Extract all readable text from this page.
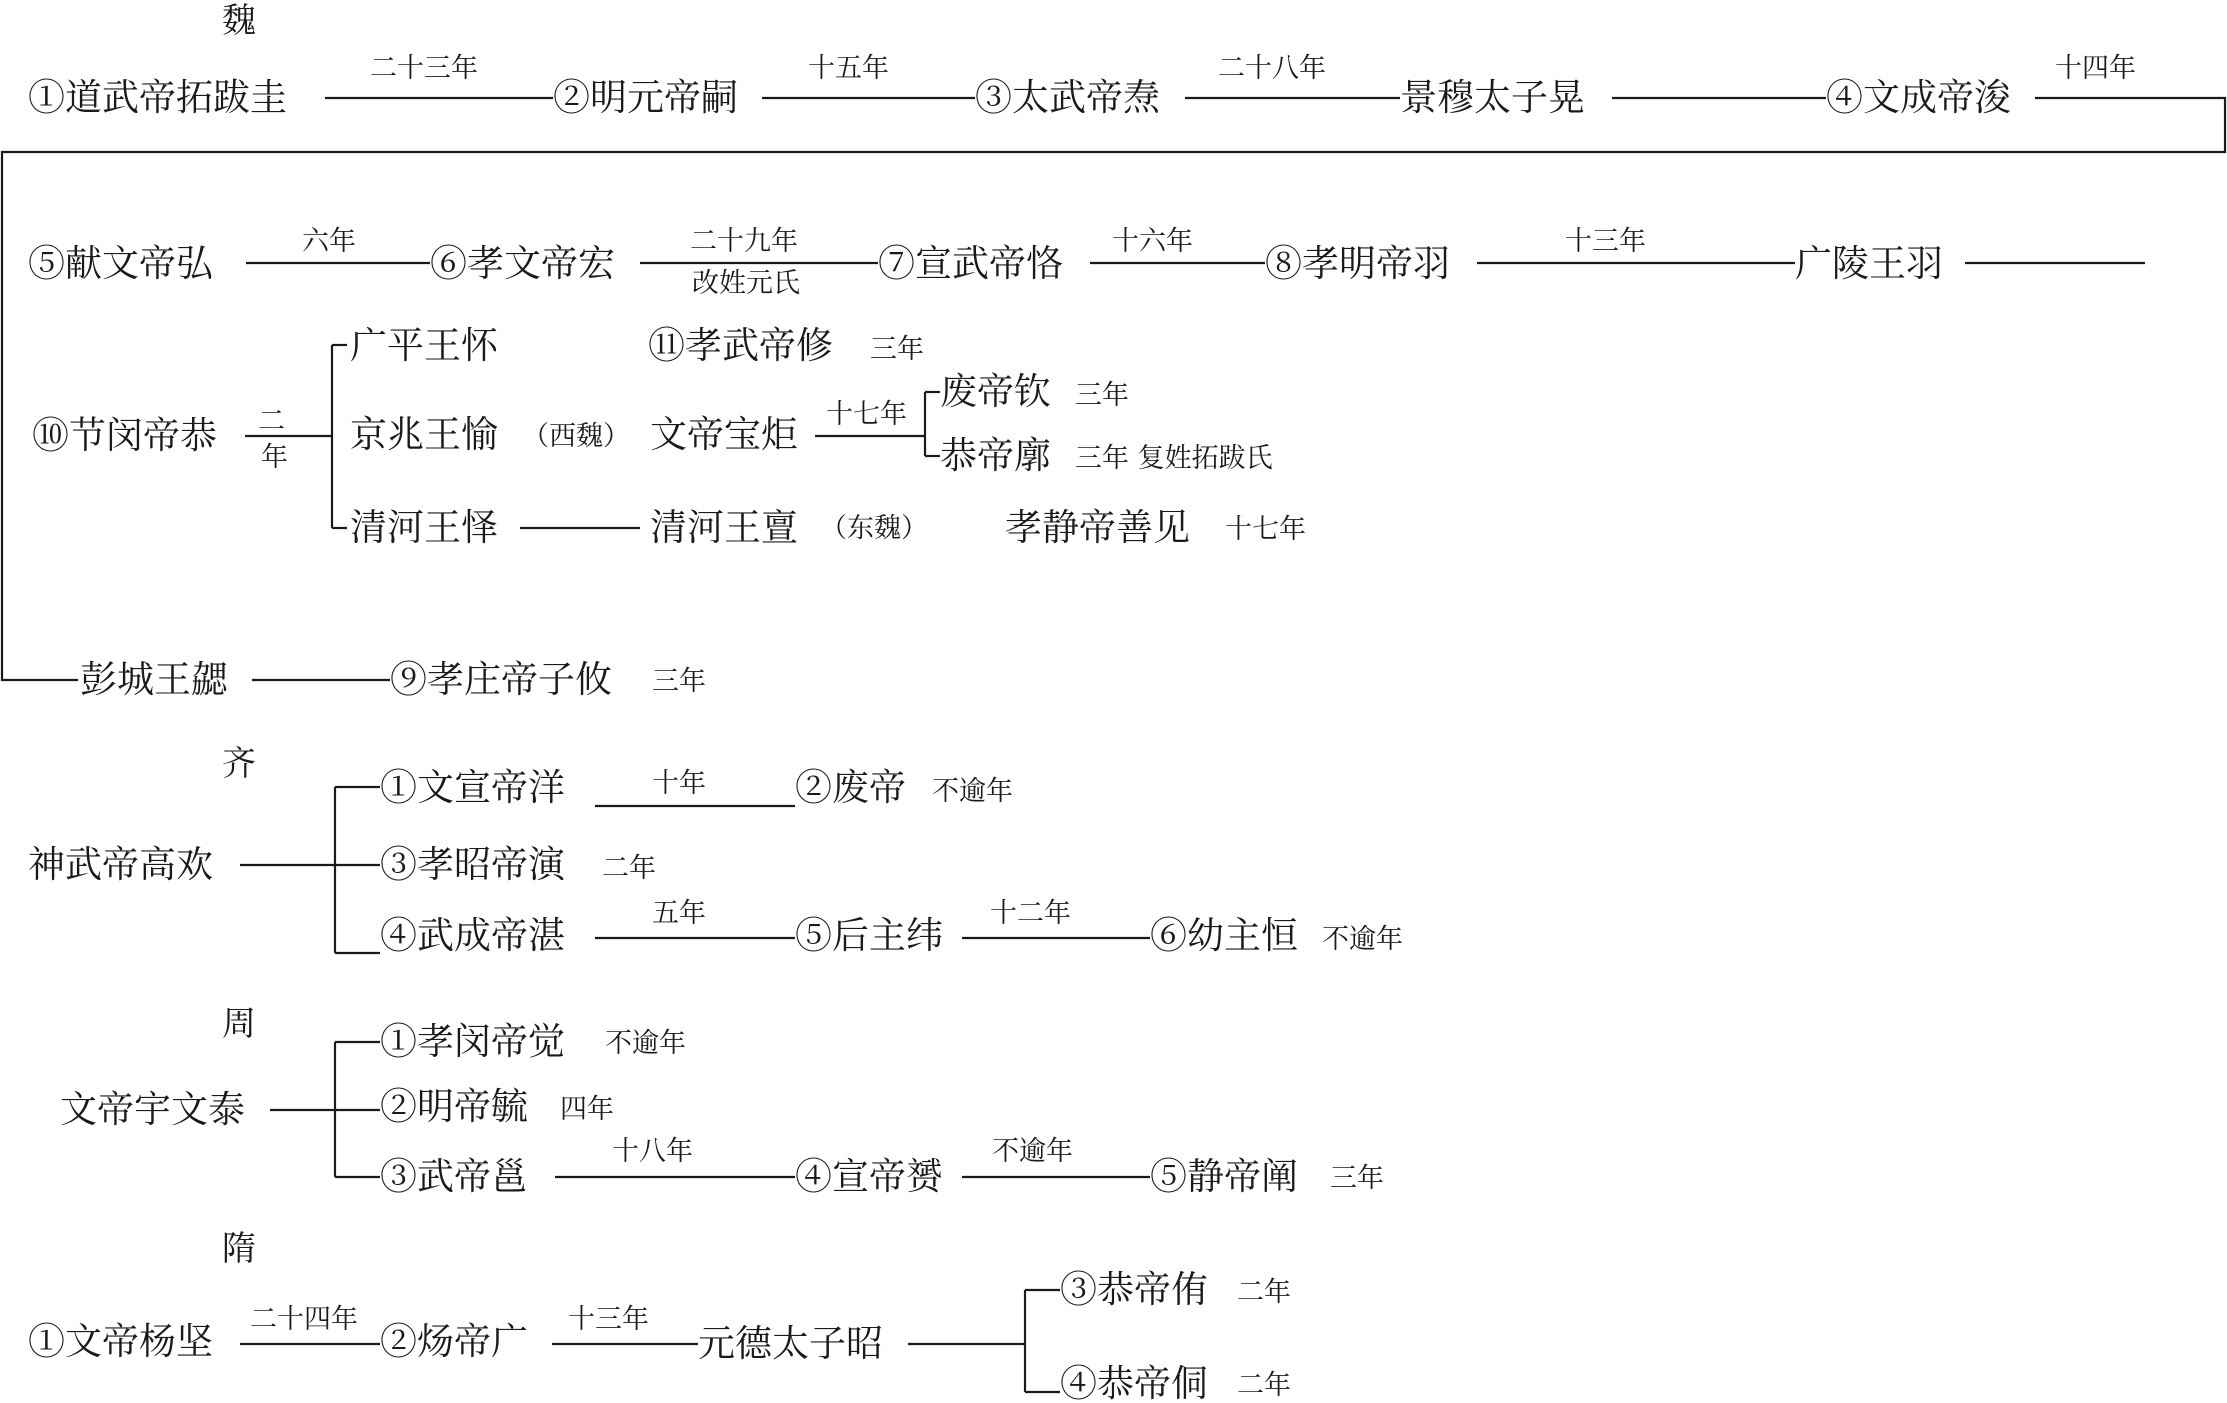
魏
①道武帝拓跋圭
二十三年
②明元帝嗣
十五年
③太武帝焘
二十八年
景穆太子晃	④文成帝浚
十四年
⑤献文帝弘
六年
⑥孝文帝宏
二十九年
改姓元氏 ⑦宣武帝恪
十六年
⑧孝明帝羽
十三年
广陵王羽
⑩节闵帝恭 二
年
广平王怀	⑪孝武帝修 三年
京兆王愉 （西魏） 文帝宝炬 十七年
废帝钦 三年
恭帝廓 三年 复姓拓跋氏
清河王怿	清河王亶 （东魏） 孝静帝善见 十七年
彭城王勰	⑨孝庄帝子攸 三年
齐
神武帝高欢
①文宣帝洋	十年 ②废帝 不逾年
③孝昭帝演 二年
④武成帝湛
五年
⑤后主纬
十二年
⑥幼主恒 不逾年
周
文帝宇文泰
①孝闵帝觉 不逾年
②明帝毓 四年
③武帝邕
十八年
④宣帝赟
不逾年
⑤静帝阐 三年
隋
①文帝杨坚
二十四年
②炀帝广
十三年
元德太子昭
③恭帝侑 二年
④恭帝侗 二年
